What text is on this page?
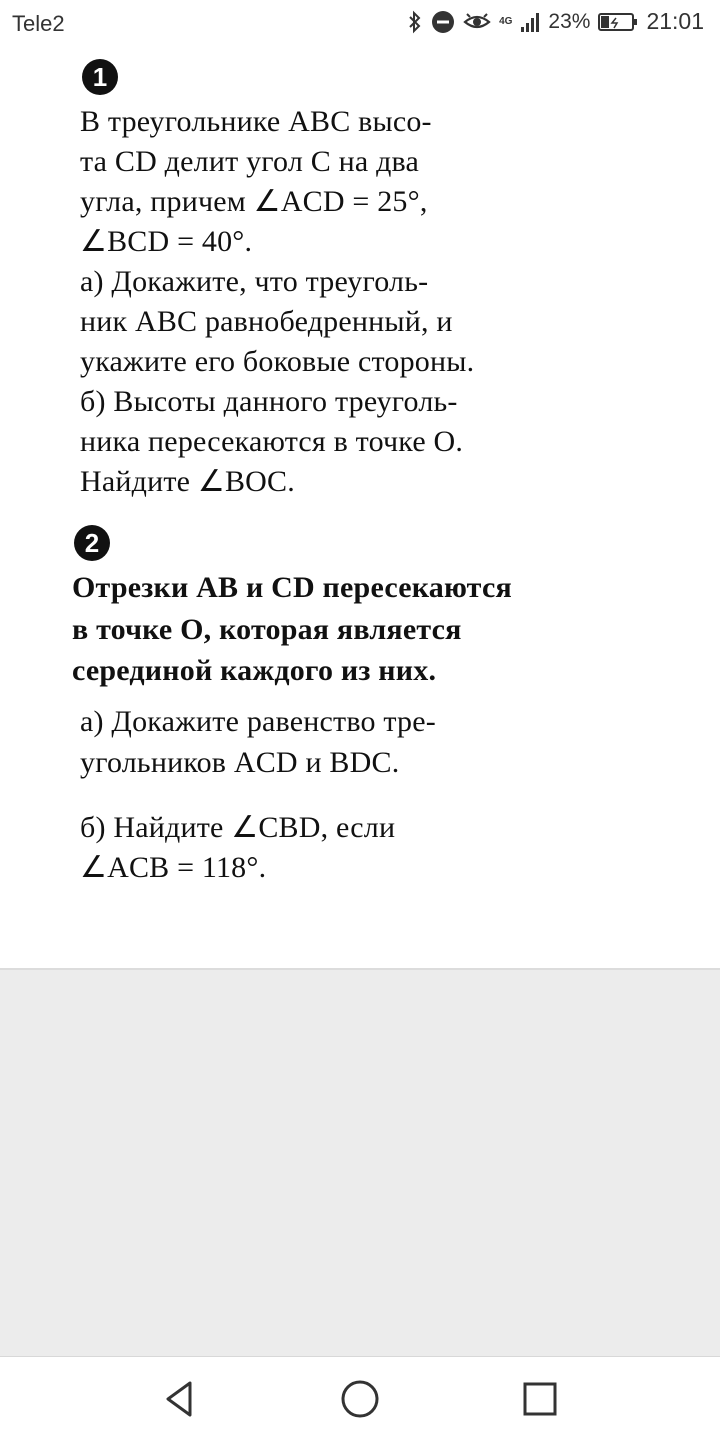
Tele2	4G 23% 21:01
1
В треугольнике ABC высо-
та CD делит угол C на два
угла, причем ∠ACD = 25°,
∠BCD = 40°.
а) Докажите, что треуголь-
ник ABC равнобедренный, и
укажите его боковые стороны.
б) Высоты данного треуголь-
ника пересекаются в точке O.
Найдите ∠BOC.
2
Отрезки AB и CD пересекаются
в точке O, которая является
серединой каждого из них.
а) Докажите равенство тре-
угольников ACD и BDC.
б) Найдите ∠CBD, если
∠ACB = 118°.
